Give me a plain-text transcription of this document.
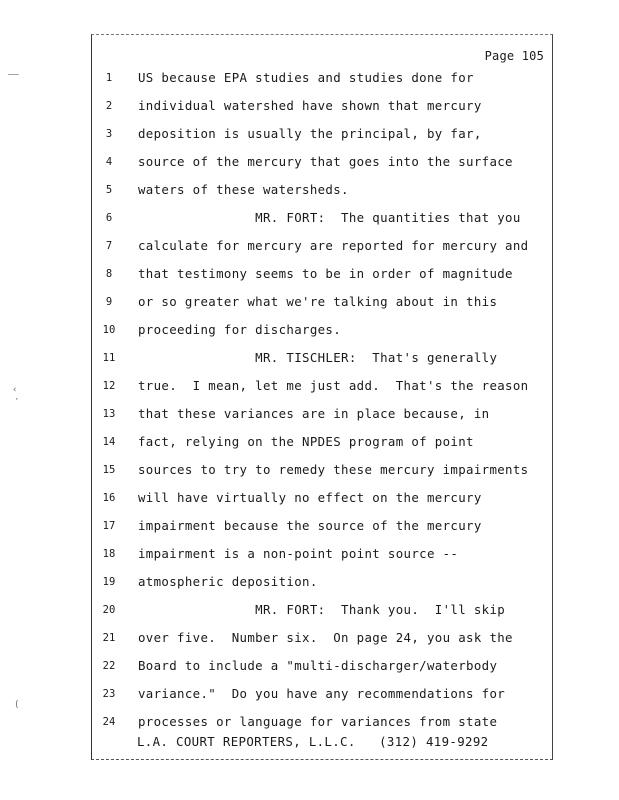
Page 105
1	US because EPA studies and studies done for
2	individual watershed have shown that mercury
3	deposition is usually the principal, by far,
4	source of the mercury that goes into the surface
5	waters of these watersheds.
6	MR. FORT:  The quantities that you
7	calculate for mercury are reported for mercury and
8	that testimony seems to be in order of magnitude
9	or so greater what we're talking about in this
10	proceeding for discharges.
11	MR. TISCHLER:  That's generally
12	true.  I mean, let me just add.  That's the reason
13	that these variances are in place because, in
14	fact, relying on the NPDES program of point
15	sources to try to remedy these mercury impairments
16	will have virtually no effect on the mercury
17	impairment because the source of the mercury
18	impairment is a non-point point source --
19	atmospheric deposition.
20	MR. FORT:  Thank you.  I'll skip
21	over five.  Number six.  On page 24, you ask the
22	Board to include a "multi-discharger/waterbody
23	variance."  Do you have any recommendations for
24	processes or language for variances from state
L.A. COURT REPORTERS, L.L.C.   (312) 419-9292
–—
‹
·
(
